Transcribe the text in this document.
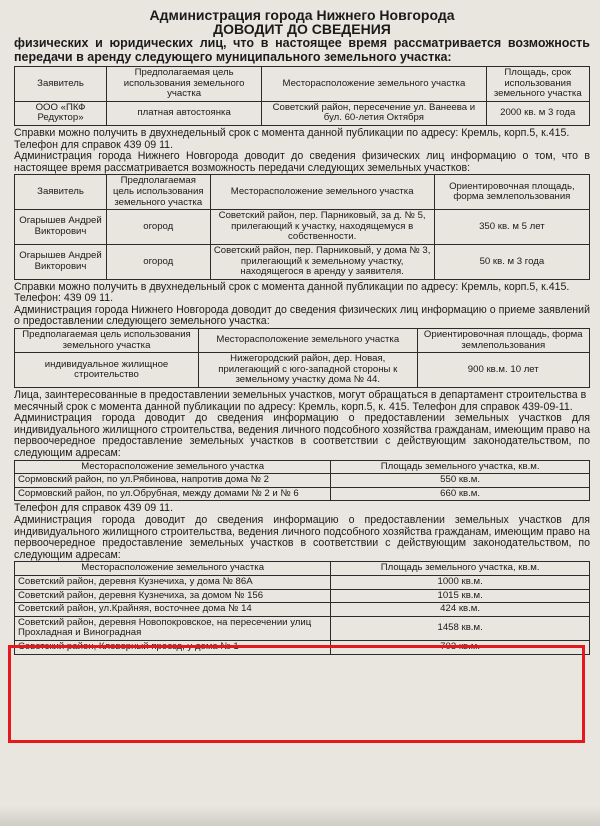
Администрация города Нижнего Новгорода
ДОВОДИТ ДО СВЕДЕНИЯ
физических и юридических лиц, что в настоящее время рассматривается возможность передачи в аренду следующего муниципального земельного участка:
Заявитель	Предполагаемая цель использования земельного участка	Месторасположение земельного участка	Площадь, срок использования земельного участка
ООО «ПКФ Редуктор»	платная автостоянка	Советский район, пересечение ул. Ванеева и бул. 60-летия Октября	2000 кв. м 3 года
Справки можно получить в двухнедельный срок с момента данной публикации по адресу: Кремль, корп.5, к.415. Телефон для справок 439 09 11.
Администрация города Нижнего Новгорода доводит до сведения физических лиц информацию о том, что в настоящее время рассматривается возможность передачи следующих земельных участков:
Заявитель	Предполагаемая цель использования земельного участка	Месторасположение земельного участка	Ориентировочная площадь, форма землепользования
Огарышев Андрей Викторович	огород	Советский район, пер. Парниковый, за д. № 5, прилегающий к участку, находящемуся в собственности.	350 кв. м 5 лет
Огарышев Андрей Викторович	огород	Советский район, пер. Парниковый, у дома № 3, прилегающий к земельному участку, находящегося в аренду у заявителя.	50 кв. м 3 года
Справки можно получить в двухнедельный срок с момента данной публикации по адресу: Кремль, корп.5, к.415. Телефон: 439 09 11.
Администрация города Нижнего Новгорода доводит до сведения физических лиц информацию о приеме заявлений о предоставлении следующего земельного участка:
Предполагаемая цель использования земельного участка	Месторасположение земельного участка	Ориентировочная площадь, форма землепользования
индивидуальное жилищное строительство	Нижегородский район, дер. Новая, прилегающий с юго-западной стороны к земельному участку дома № 44.	900 кв.м. 10 лет
Лица, заинтересованные в предоставлении земельных участков, могут обращаться в департамент строительства в месячный срок с момента данной публикации по адресу: Кремль, корп.5, к. 415. Телефон для справок 439-09-11.
Администрация города доводит до сведения информацию о предоставлении земельных участков для индивидуального жилищного строительства, ведения личного подсобного хозяйства гражданам, имеющим право на первоочередное предоставление земельных участков в соответствии с действующим законодательством, по следующим адресам:
Месторасположение земельного участка	Площадь земельного участка, кв.м.
Сормовский район, по ул.Рябинова, напротив дома № 2	550 кв.м.
Сормовский район, по ул.Обрубная, между домами № 2 и № 6	660 кв.м.
Телефон для справок 439 09 11.
Администрация города доводит до сведения информацию о предоставлении земельных участков для индивидуального жилищного строительства, ведения личного подсобного хозяйства гражданам, имеющим право на первоочередное предоставление земельных участков в соответствии с действующим законодательством, по следующим адресам:
Месторасположение земельного участка	Площадь земельного участка, кв.м.
Советский район, деревня Кузнечиха, у дома № 86А	1000 кв.м.
Советский район, деревня Кузнечиха, за домом № 156	1015 кв.м.
Советский район, ул.Крайняя, восточнее дома № 14	424 кв.м.
Советский район, деревня Новопокровское, на пересечении улиц Прохладная и Виноградная	1458 кв.м.
Советский район, Клеверный проезд, у дома № 1	703 кв.м.
